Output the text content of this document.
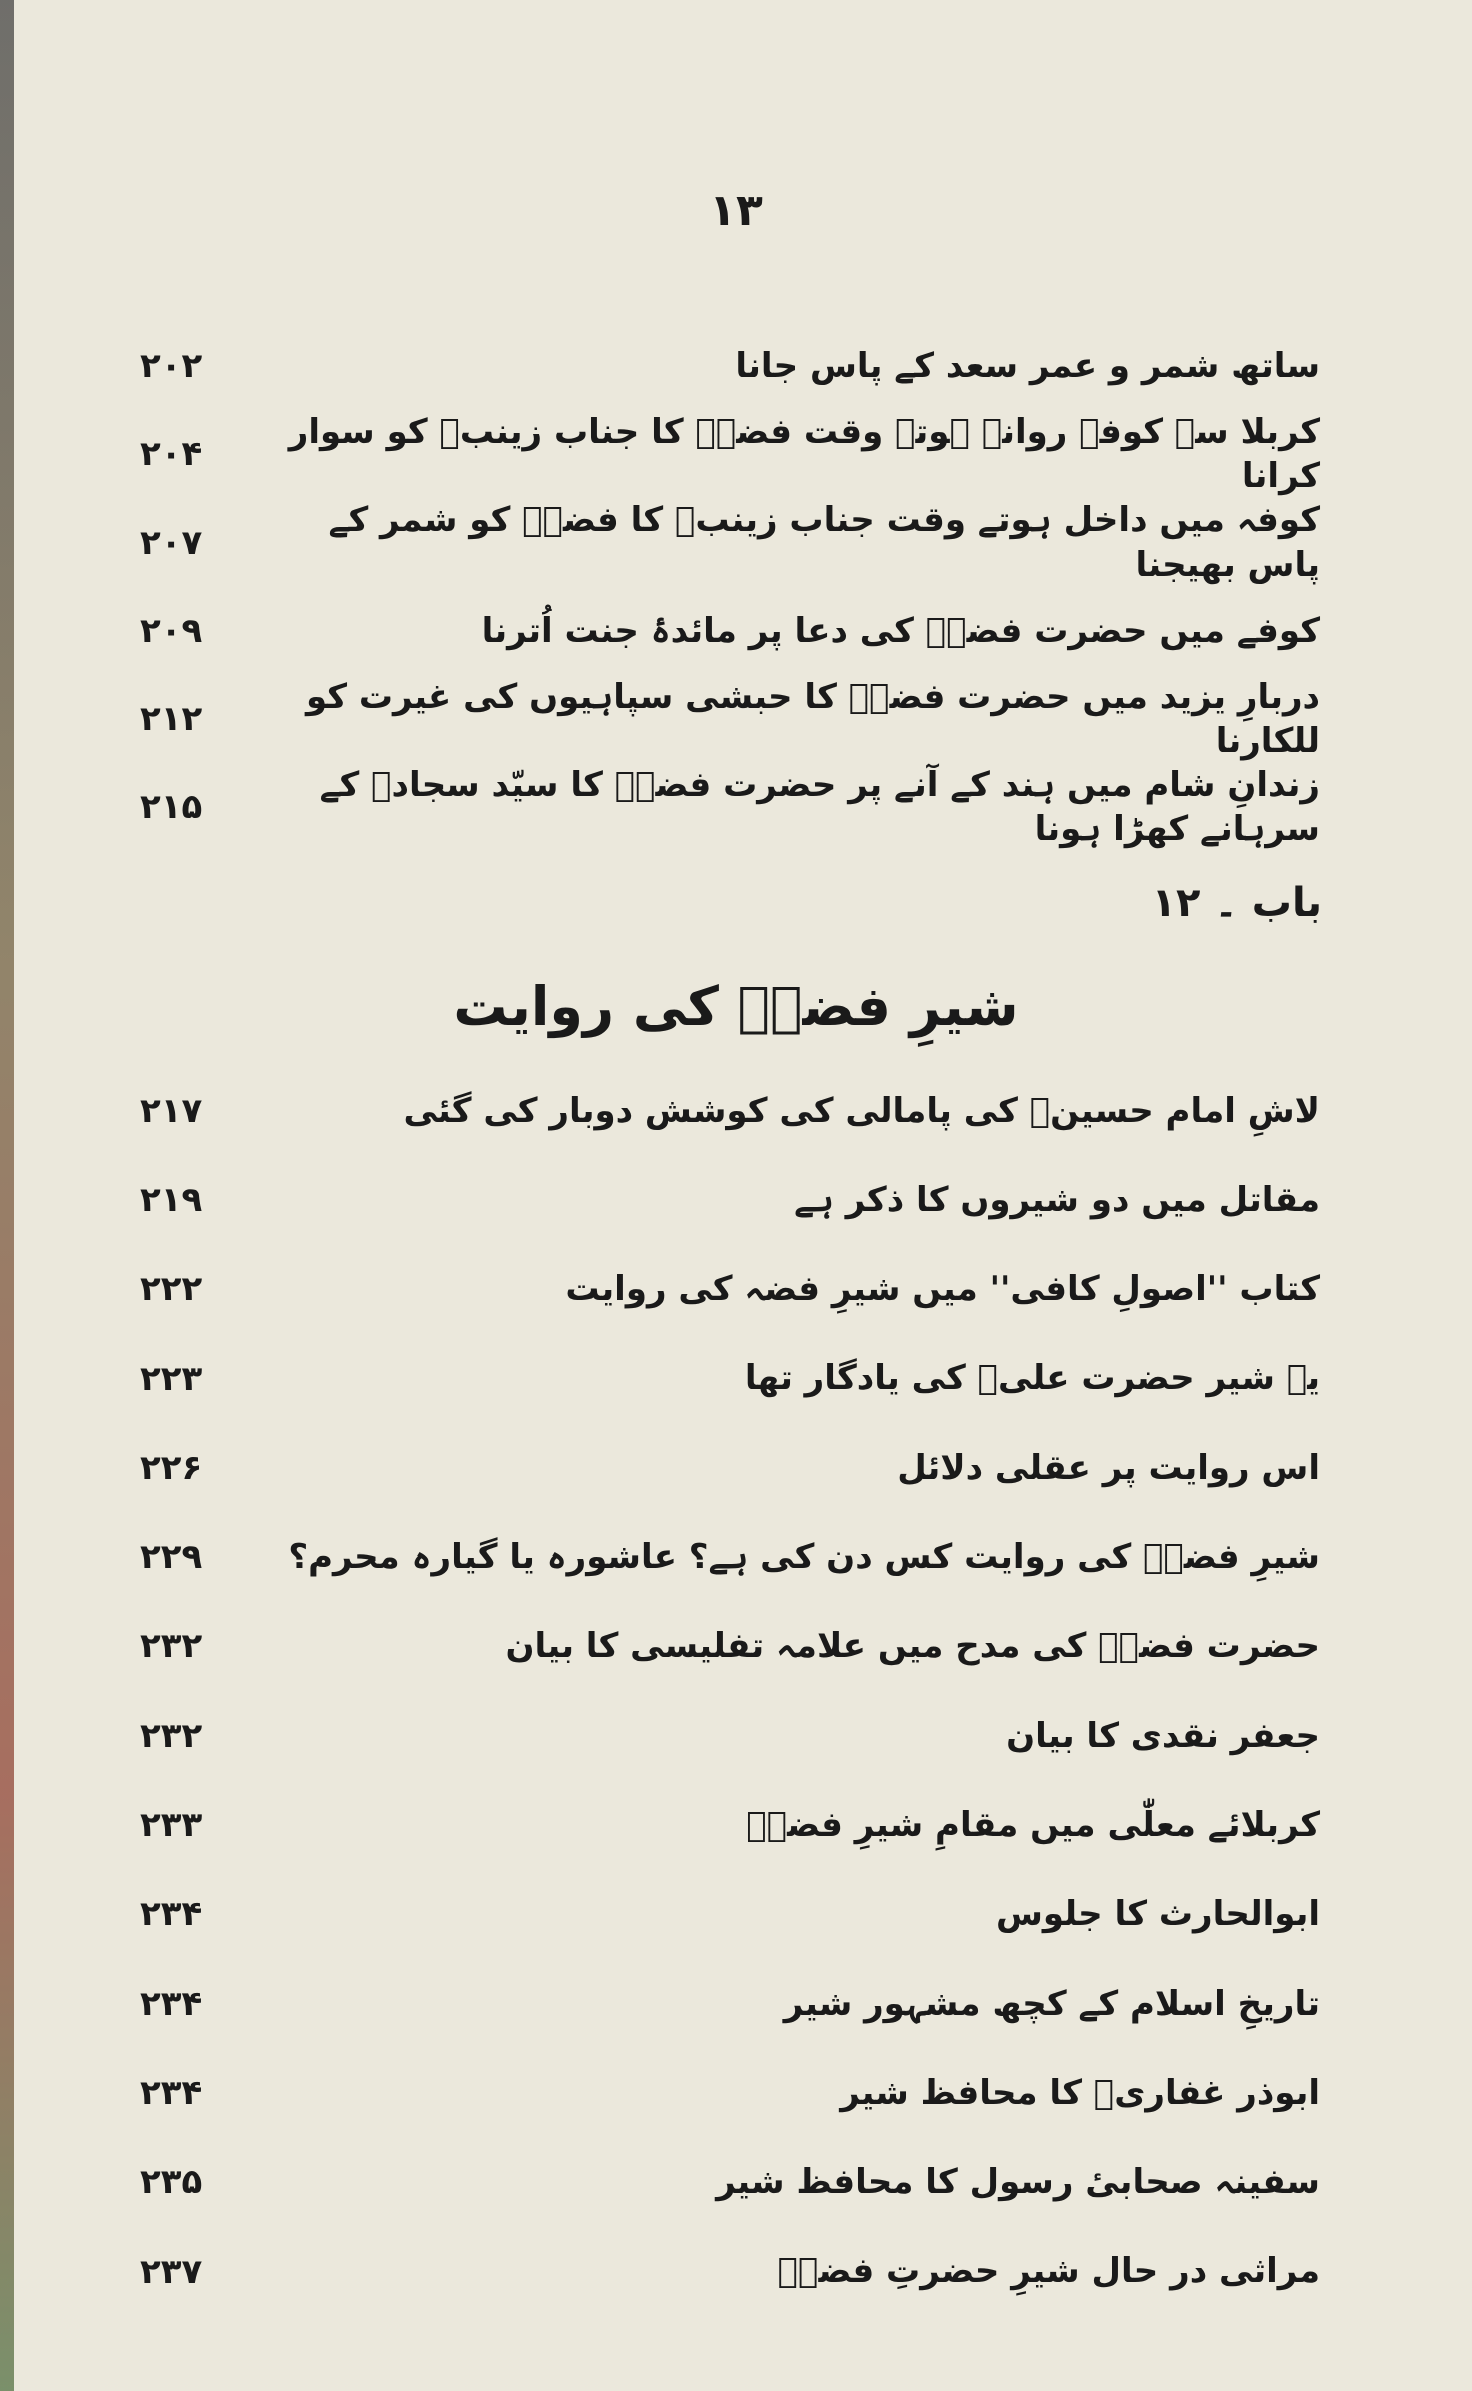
۱۳
ساتھ شمر و عمر سعد کے پاس جانا
۲۰۲
کربلا سے کوفے روانہ ہوتے وقت فضہؑ کا جناب زینبؑ کو سوار کرانا
۲۰۴
کوفہ میں داخل ہوتے وقت جناب زینبؑ کا فضہؑ کو شمر کے پاس بھیجنا
۲۰۷
کوفے میں حضرت فضہؑ کی دعا پر مائدۂ جنت اُترنا
۲۰۹
دربارِ یزید میں حضرت فضہؑ کا حبشی سپاہیوں کی غیرت کو للکارنا
۲۱۲
زندانِ شام میں ہند کے آنے پر حضرت فضہؑ کا سیّد سجادؑ کے سرہانے کھڑا ہونا
۲۱۵
باب ۔ ۱۲
شیرِ فضہؑ کی روایت
لاشِ امام حسینؑ کی پامالی کی کوشش دوبار کی گئی
۲۱۷
مقاتل میں دو شیروں کا ذکر ہے
۲۱۹
کتاب ''اصولِ کافی'' میں شیرِ فضہ کی روایت
۲۲۲
یہ شیر حضرت علیؑ کی یادگار تھا
۲۲۳
اس روایت پر عقلی دلائل
۲۲۶
شیرِ فضہؑ کی روایت کس دن کی ہے؟ عاشورہ یا گیارہ محرم؟
۲۲۹
حضرت فضہؑ کی مدح میں علامہ تفلیسی کا بیان
۲۳۲
جعفر نقدی کا بیان
۲۳۲
کربلائے معلّٰی میں مقامِ شیرِ فضہؑ
۲۳۳
ابوالحارث کا جلوس
۲۳۴
تاریخِ اسلام کے کچھ مشہور شیر
۲۳۴
ابوذر غفاریؑ کا محافظ شیر
۲۳۴
سفینہ صحابیٔ رسول کا محافظ شیر
۲۳۵
مراثی در حال شیرِ حضرتِ فضہؑ
۲۳۷
